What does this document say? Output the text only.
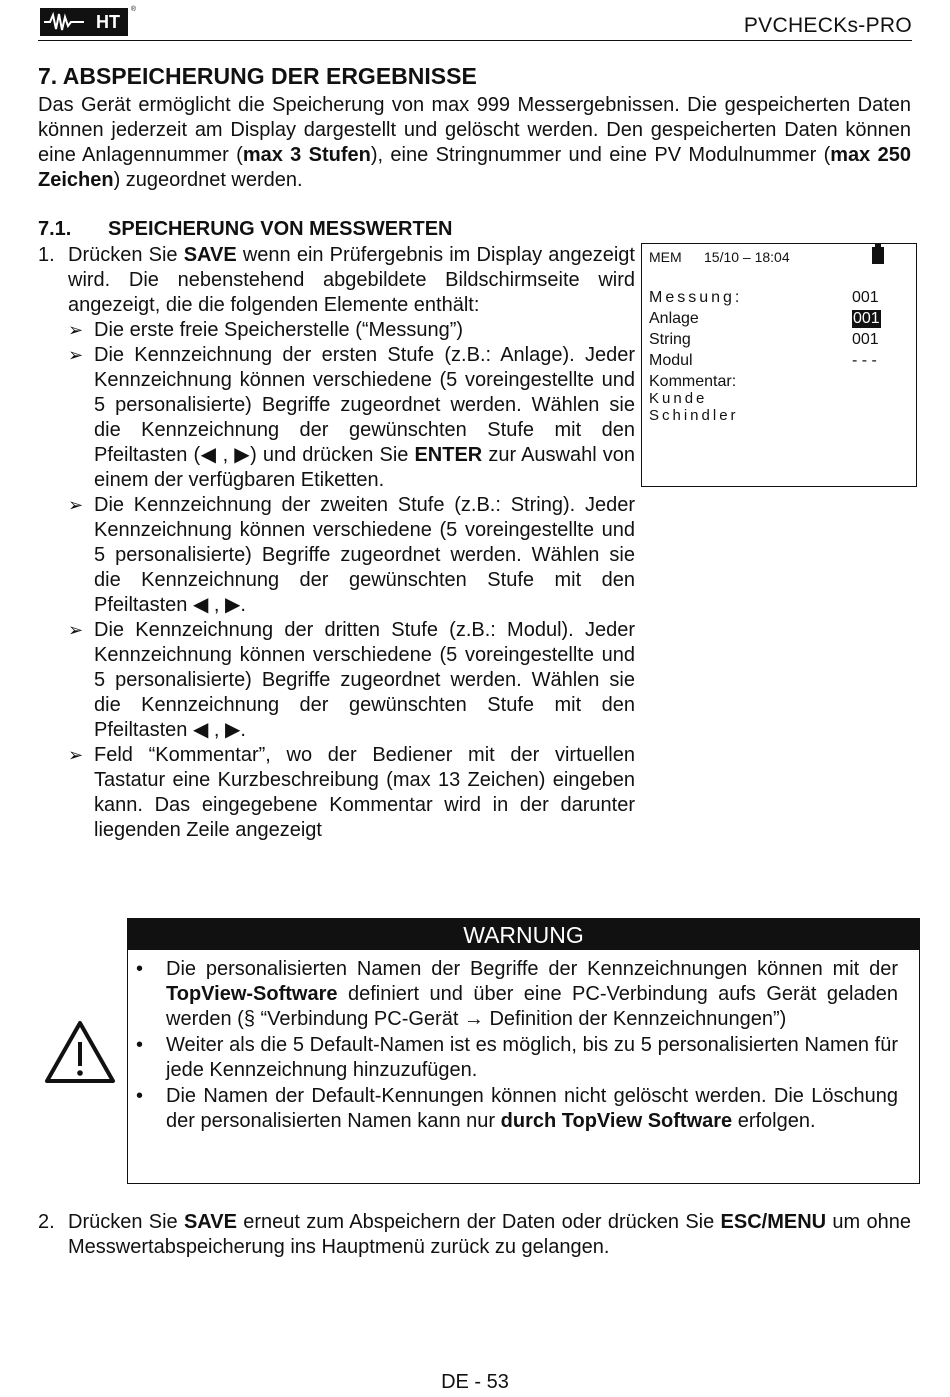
HT
®
PVCHECKs-PRO
7. ABSPEICHERUNG DER ERGEBNISSE
Das Gerät ermöglicht die Speicherung von max 999 Messergebnissen. Die gespeicherten Daten können jederzeit am Display dargestellt und gelöscht werden. Den gespeicherten Daten können eine Anlagennummer (max 3 Stufen), eine Stringnummer und eine PV Modulnummer (max 250 Zeichen) zugeordnet werden.
7.1. SPEICHERUNG VON MESSWERTEN
1. Drücken Sie SAVE wenn ein Prüfergebnis im Display angezeigt wird. Die nebenstehend abgebildete Bildschirmseite wird angezeigt, die die folgenden Elemente enthält:
➢ Die erste freie Speicherstelle (“Messung”)
➢ Die Kennzeichnung der ersten Stufe (z.B.: Anlage). Jeder Kennzeichnung können verschiedene (5 voreingestellte und 5 personalisierte) Begriffe zugeordnet werden. Wählen sie die Kennzeichnung der gewünschten Stufe mit den Pfeiltasten (◀ , ▶) und drücken Sie ENTER zur Auswahl von einem der verfügbaren Etiketten.
➢ Die Kennzeichnung der zweiten Stufe (z.B.: String). Jeder Kennzeichnung können verschiedene (5 voreingestellte und 5 personalisierte) Begriffe zugeordnet werden. Wählen sie die Kennzeichnung der gewünschten Stufe mit den Pfeiltasten ◀ , ▶.
➢ Die Kennzeichnung der dritten Stufe (z.B.: Modul). Jeder Kennzeichnung können verschiedene (5 voreingestellte und 5 personalisierte) Begriffe zugeordnet werden. Wählen sie die Kennzeichnung der gewünschten Stufe mit den Pfeiltasten ◀ , ▶.
➢ Feld “Kommentar”, wo der Bediener mit der virtuellen Tastatur eine Kurzbeschreibung (max 13 Zeichen) eingeben kann. Das eingegebene Kommentar wird in der darunter liegenden Zeile angezeigt
MEM 15/10 – 18:04
Messung:	001
Anlage	001
String	001
Modul	- - -
Kommentar:
Kunde
Schindler
WARNUNG
• Die personalisierten Namen der Begriffe der Kennzeichnungen können mit der TopView-Software definiert und über eine PC-Verbindung aufs Gerät geladen werden (§ “Verbindung PC-Gerät → Definition der Kennzeichnungen”)
• Weiter als die 5 Default-Namen ist es möglich, bis zu 5 personalisierten Namen für jede Kennzeichnung hinzuzufügen.
• Die Namen der Default-Kennungen können nicht gelöscht werden. Die Löschung der personalisierten Namen kann nur durch TopView Software erfolgen.
2. Drücken Sie SAVE erneut zum Abspeichern der Daten oder drücken Sie ESC/MENU um ohne Messwertabspeicherung ins Hauptmenü zurück zu gelangen.
DE - 53
